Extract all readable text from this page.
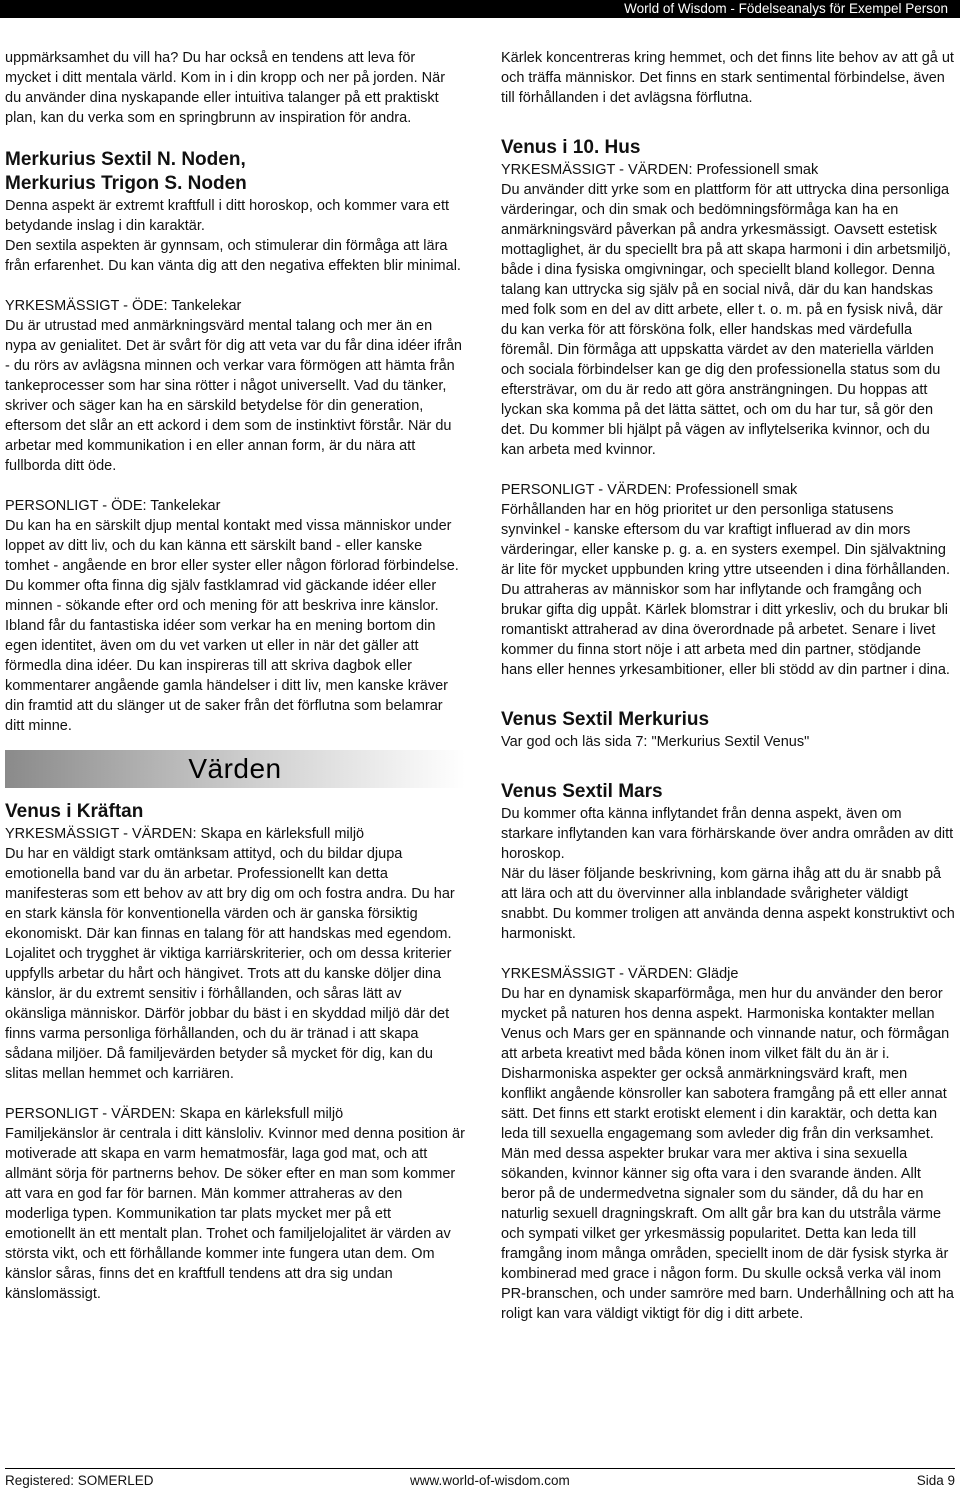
World of Wisdom - Födelseanalys för Exempel Person

uppmärksamhet du vill ha? Du har också en tendens att leva för mycket i ditt mentala värld. Kom in i din kropp och ner på jorden. När du använder dina nyskapande eller intuitiva talanger på ett praktiskt plan, kan du verka som en springbrunn av inspiration för andra.

Merkurius Sextil N. Noden,
Merkurius Trigon S. Noden

Denna aspekt är extremt kraftfull i ditt horoskop, och kommer vara ett betydande inslag i din karaktär.

Den sextila aspekten är gynnsam, och stimulerar din förmåga att lära från erfarenhet. Du kan vänta dig att den negativa effekten blir minimal.

YRKESMÄSSIGT - ÖDE: Tankelekar

Du är utrustad med anmärkningsvärd mental talang och mer än en nypa av genialitet. Det är svårt för dig att veta var du får dina idéer ifrån - du rörs av avlägsna minnen och verkar vara förmögen att hämta från tankeprocesser som har sina rötter i något universellt. Vad du tänker, skriver och säger kan ha en särskild betydelse för din generation, eftersom det slår an ett ackord i dem som de instinktivt förstår. När du arbetar med kommunikation i en eller annan form, är du nära att fullborda ditt öde.

PERSONLIGT - ÖDE: Tankelekar

Du kan ha en särskilt djup mental kontakt med vissa människor under loppet av ditt liv, och du kan känna ett särskilt band - eller kanske tomhet - angående en bror eller syster eller någon förlorad förbindelse. Du kommer ofta finna dig själv fastklamrad vid gäckande idéer eller minnen - sökande efter ord och mening för att beskriva inre känslor. Ibland får du fantastiska idéer som verkar ha en mening bortom din egen identitet, även om du vet varken ut eller in när det gäller att förmedla dina idéer. Du kan inspireras till att skriva dagbok eller kommentarer angående gamla händelser i ditt liv, men kanske kräver din framtid att du slänger ut de saker från det förflutna som belamrar ditt minne.

Värden
Venus i Kräftan
YRKESMÄSSIGT - VÄRDEN: Skapa en kärleksfull miljö

Du har en väldigt stark omtänksam attityd, och du bildar djupa emotionella band var du än arbetar. Professionellt kan detta manifesteras som ett behov av att bry dig om och fostra andra. Du har en stark känsla för konventionella värden och är ganska försiktig ekonomiskt. Där kan finnas en talang för att handskas med egendom. Lojalitet och trygghet är viktiga karriärskriterier, och om dessa kriterier uppfylls arbetar du hårt och hängivet. Trots att du kanske döljer dina känslor, är du extremt sensitiv i förhållanden, och såras lätt av okänsliga människor. Därför jobbar du bäst i en skyddad miljö där det finns varma personliga förhållanden, och du är tränad i att skapa sådana miljöer. Då familjevärden betyder så mycket för dig, kan du slitas mellan hemmet och karriären.

PERSONLIGT - VÄRDEN: Skapa en kärleksfull miljö

Familjekänslor är centrala i ditt känsloliv. Kvinnor med denna position är motiverade att skapa en varm hematmosfär, laga god mat, och att allmänt sörja för partnerns behov. De söker efter en man som kommer att vara en god far för barnen. Män kommer attraheras av den moderliga typen. Kommunikation tar plats mycket mer på ett emotionellt än ett mentalt plan. Trohet och familjelojalitet är värden av största vikt, och ett förhållande kommer inte fungera utan dem. Om känslor såras, finns det en kraftfull tendens att dra sig undan känslomässigt.

Kärlek koncentreras kring hemmet, och det finns lite behov av att gå ut och träffa människor. Det finns en stark sentimental förbindelse, även till förhållanden i det avlägsna förflutna.

Venus i 10. Hus
YRKESMÄSSIGT - VÄRDEN: Professionell smak

Du använder ditt yrke som en plattform för att uttrycka dina personliga värderingar, och din smak och bedömningsförmåga kan ha en anmärkningsvärd påverkan på andra yrkesmässigt. Oavsett estetisk mottaglighet, är du speciellt bra på att skapa harmoni i din arbetsmiljö, både i dina fysiska omgivningar, och speciellt bland kollegor. Denna talang kan uttrycka sig själv på en social nivå, där du kan handskas med folk som en del av ditt arbete, eller t. o. m. på en fysisk nivå, där du kan verka för att försköna folk, eller handskas med värdefulla föremål. Din förmåga att uppskatta värdet av den materiella världen och sociala förbindelser kan ge dig den professionella status som du eftersträvar, om du är redo att göra ansträngningen. Du hoppas att lyckan ska komma på det lätta sättet, och om du har tur, så gör den det. Du kommer bli hjälpt på vägen av inflytelserika kvinnor, och du kan arbeta med kvinnor.

PERSONLIGT - VÄRDEN: Professionell smak

Förhållanden har en hög prioritet ur den personliga statusens synvinkel - kanske eftersom du var kraftigt influerad av din mors värderingar, eller kanske p. g. a. en systers exempel. Din självaktning är lite för mycket uppbunden kring yttre utseenden i dina förhållanden. Du attraheras av människor som har inflytande och framgång och brukar gifta dig uppåt. Kärlek blomstrar i ditt yrkesliv, och du brukar bli romantiskt attraherad av dina överordnade på arbetet. Senare i livet kommer du finna stort nöje i att arbeta med din partner, stödjande hans eller hennes yrkesambitioner, eller bli stödd av din partner i dina.

Venus Sextil Merkurius

Var god och läs sida 7: "Merkurius Sextil Venus"

Venus Sextil Mars

Du kommer ofta känna inflytandet från denna aspekt, även om starkare inflytanden kan vara förhärskande över andra områden av ditt horoskop.

När du läser följande beskrivning, kom gärna ihåg att du är snabb på att lära och att du övervinner alla inblandade svårigheter väldigt snabbt. Du kommer troligen att använda denna aspekt konstruktivt och harmoniskt.

YRKESMÄSSIGT - VÄRDEN: Glädje

Du har en dynamisk skaparförmåga, men hur du använder den beror mycket på naturen hos denna aspekt. Harmoniska kontakter mellan Venus och Mars ger en spännande och vinnande natur, och förmågan att arbeta kreativt med båda könen inom vilket fält du än är i. Disharmoniska aspekter ger också anmärkningsvärd kraft, men konflikt angående könsroller kan sabotera framgång på ett eller annat sätt. Det finns ett starkt erotiskt element i din karaktär, och detta kan leda till sexuella engagemang som avleder dig från din verksamhet. Män med dessa aspekter brukar vara mer aktiva i sina sexuella sökanden, kvinnor känner sig ofta vara i den svarande änden. Allt beror på de undermedvetna signaler som du sänder, då du har en naturlig sexuell dragningskraft. Om allt går bra kan du utstråla värme och sympati vilket ger yrkesmässig popularitet. Detta kan leda till framgång inom många områden, speciellt inom de där fysisk styrka är kombinerad med grace i någon form. Du skulle också verka väl inom PR-branschen, och under samröre med barn. Underhållning och att ha roligt kan vara väldigt viktigt för dig i ditt arbete.

Registered: SOMERLED	www.world-of-wisdom.com	Sida 9
